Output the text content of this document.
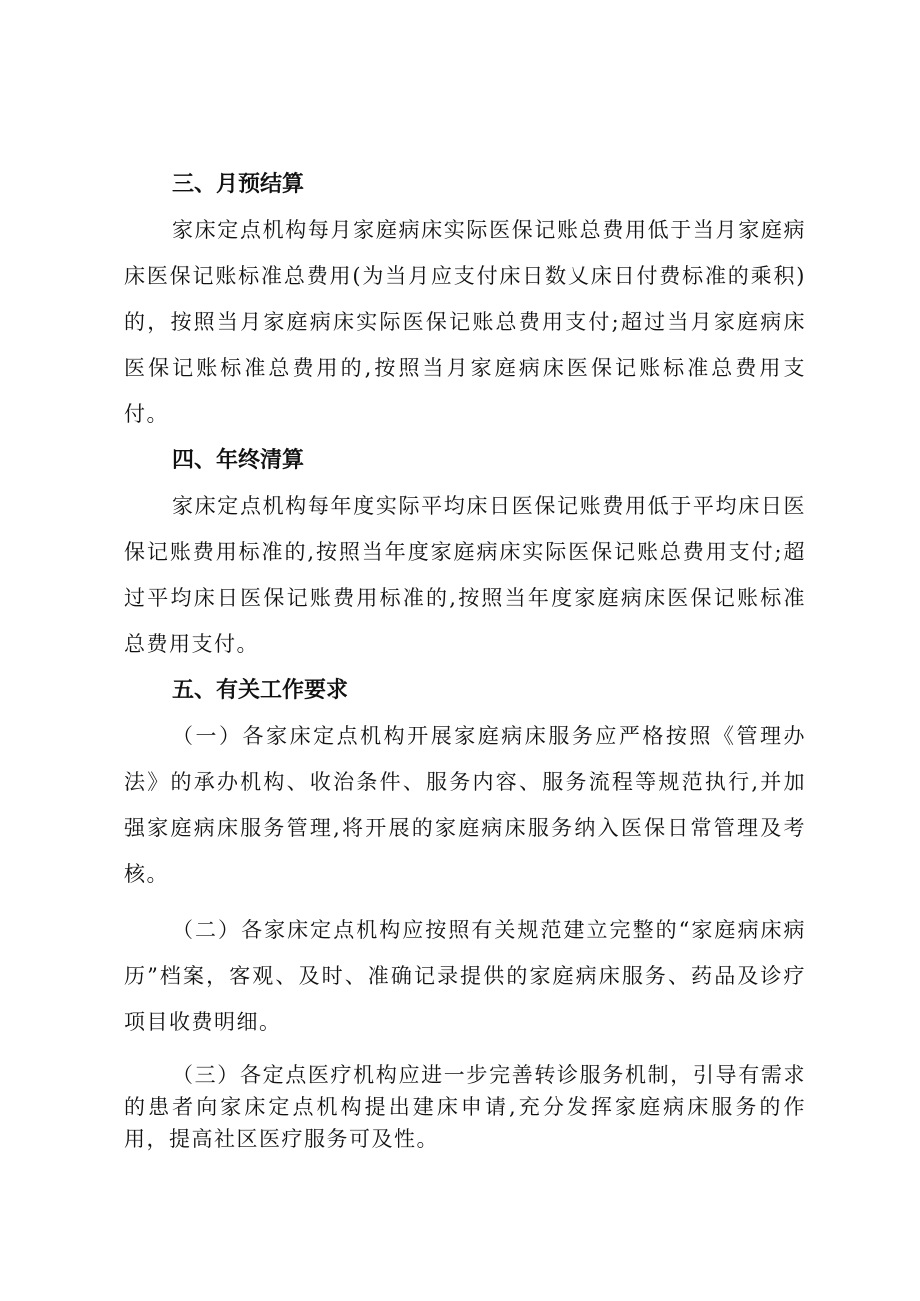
三、月预结算

家床定点机构每月家庭病床实际医保记账总费用低于当月家庭病床医保记账标准总费用(为当月应支付床日数乂床日付费标准的乘积)的，按照当月家庭病床实际医保记账总费用支付;超过当月家庭病床医保记账标准总费用的,按照当月家庭病床医保记账标准总费用支付。

四、年终清算

家床定点机构每年度实际平均床日医保记账费用低于平均床日医保记账费用标准的,按照当年度家庭病床实际医保记账总费用支付;超过平均床日医保记账费用标准的,按照当年度家庭病床医保记账标准总费用支付。

五、有关工作要求

（一）各家床定点机构开展家庭病床服务应严格按照《管理办法》的承办机构、收治条件、服务内容、服务流程等规范执行,并加强家庭病床服务管理,将开展的家庭病床服务纳入医保日常管理及考核。

（二）各家床定点机构应按照有关规范建立完整的“家庭病床病历”档案，客观、及时、准确记录提供的家庭病床服务、药品及诊疗项目收费明细。

（三）各定点医疗机构应进一步完善转诊服务机制，引导有需求的患者向家床定点机构提出建床申请,充分发挥家庭病床服务的作用，提高社区医疗服务可及性。
